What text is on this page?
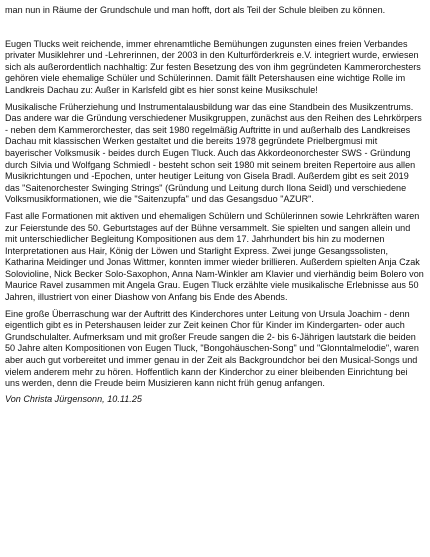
man nun in Räume der Grundschule und man hofft, dort als Teil der Schule bleiben zu können.

Eugen Tlucks weit reichende, immer ehrenamtliche Bemühungen zugunsten eines freien Verbandes privater Musiklehrer und -Lehrerinnen, der 2003 in den Kulturförderkreis e.V. integriert wurde, erwiesen sich als außerordentlich nachhaltig: Zur festen Besetzung des von ihm gegründeten Kammerorchesters gehören viele ehemalige Schüler und Schülerinnen. Damit fällt Petershausen eine wichtige Rolle im Landkreis Dachau zu: Außer in Karlsfeld gibt es hier sonst keine Musikschule!

Musikalische Früherziehung und Instrumentalausbildung war das eine Standbein des Musikzentrums. Das andere war die Gründung verschiedener Musikgruppen, zunächst aus den Reihen des Lehrkörpers - neben dem Kammerorchester, das seit 1980 regelmäßig Auftritte in und außerhalb des Landkreises Dachau mit klassischen Werken gestaltet und die bereits 1978 gegründete Prielbergmusi mit bayerischer Volksmusik - beides durch Eugen Tluck. Auch das Akkordeonorchester SWS - Gründung durch Silvia und Wolfgang Schmiedl - besteht schon seit 1980 mit seinem breiten Repertoire aus allen Musikrichtungen und -Epochen, unter heutiger Leitung von Gisela Bradl. Außerdem gibt es seit 2019 das "Saitenorchester Swinging Strings" (Gründung und Leitung durch Ilona Seidl) und verschiedene Volksmusikformationen, wie die "Saitenzupfa" und das Gesangsduo "AZUR".

Fast alle Formationen mit aktiven und ehemaligen Schülern und Schülerinnen sowie Lehrkräften waren zur Feierstunde des 50. Geburtstages auf der Bühne versammelt. Sie spielten und sangen allein und mit unterschiedlicher Begleitung Kompositionen aus dem 17. Jahrhundert bis hin zu modernen Interpretationen aus Hair, König der Löwen und Starlight Express. Zwei junge Gesangssolisten, Katharina Meidinger und Jonas Wittmer, konnten immer wieder brillieren. Außerdem spielten Anja Czak Solovioline, Nick Becker Solo-Saxophon, Anna Nam-Winkler am Klavier und vierhändig beim Bolero von Maurice Ravel zusammen mit Angela Grau. Eugen Tluck erzählte viele musikalische Erlebnisse aus 50 Jahren, illustriert von einer Diashow von Anfang bis Ende des Abends.

Eine große Überraschung war der Auftritt des Kinderchores unter Leitung von Ursula Joachim - denn eigentlich gibt es in Petershausen leider zur Zeit keinen Chor für Kinder im Kindergarten- oder auch Grundschulalter. Aufmerksam und mit großer Freude sangen die 2- bis 6-Jährigen lautstark die beiden 50 Jahre alten Kompositionen von Eugen Tluck, "Bongohäuschen-Song" und "Glonntalmelodie", waren aber auch gut vorbereitet und immer genau in der Zeit als Backgroundchor bei den Musical-Songs und vielem anderem mehr zu hören. Hoffentlich kann der Kinderchor zu einer bleibenden Einrichtung bei uns werden, denn die Freude beim Musizieren kann nicht früh genug anfangen.

Von Christa Jürgensonn, 10.11.25
